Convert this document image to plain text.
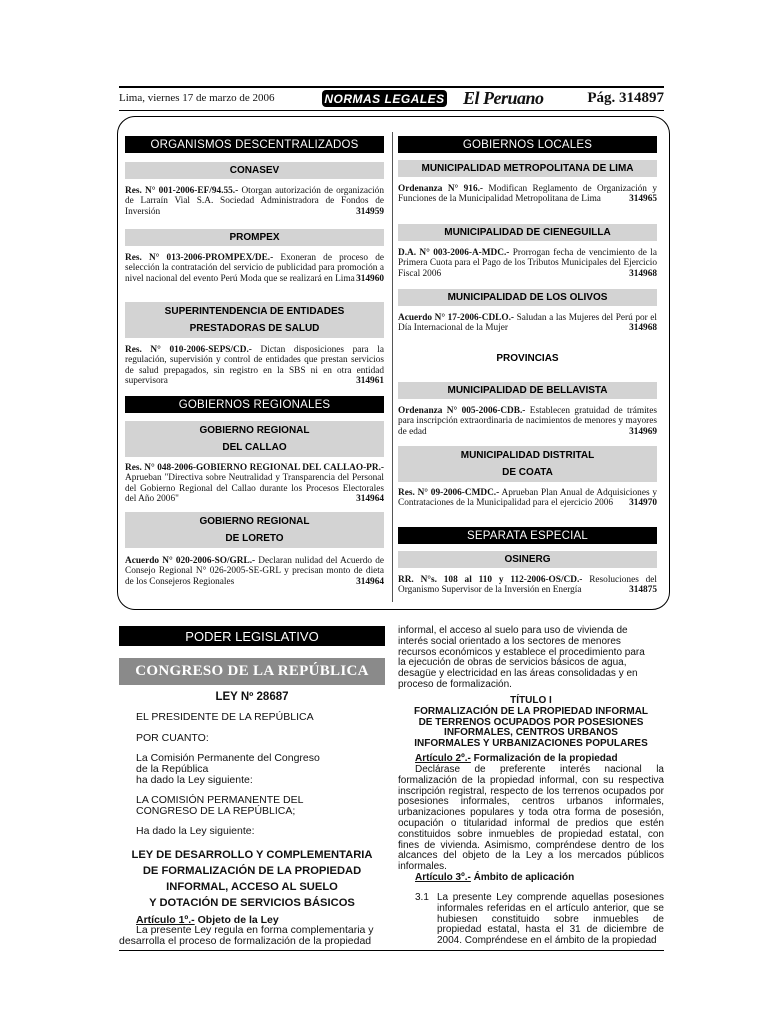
Lima, viernes 17 de marzo de 2006	NORMAS LEGALES El Peruano	Pág. 314897
ORGANISMOS DESCENTRALIZADOS
CONASEV
Res. N° 001-2006-EF/94.55.- Otorgan autorización de organización de Larraín Vial S.A. Sociedad Administradora de Fondos de Inversión	314959
PROMPEX
Res. N° 013-2006-PROMPEX/DE.- Exoneran de proceso de selección la contratación del servicio de publicidad para promoción a nivel nacional del evento Perú Moda que se realizará en Lima 314960
SUPERINTENDENCIA DE ENTIDADES
PRESTADORAS DE SALUD
Res. N° 010-2006-SEPS/CD.- Dictan disposiciones para la regulación, supervisión y control de entidades que prestan servicios de salud prepagados, sin registro en la SBS ni en otra entidad supervisora	314961
GOBIERNOS REGIONALES
GOBIERNO REGIONAL
DEL CALLAO
Res. N° 048-2006-GOBIERNO REGIONAL DEL CALLAO-PR.- Aprueban "Directiva sobre Neutralidad y Transparencia del Personal del Gobierno Regional del Callao durante los Procesos Electorales del Año 2006"	314964
GOBIERNO REGIONAL
DE LORETO
Acuerdo N° 020-2006-SO/GRL.- Declaran nulidad del Acuerdo de Consejo Regional N° 026-2005-SE-GRL y precisan monto de dieta de los Consejeros Regionales	314964
GOBIERNOS LOCALES
MUNICIPALIDAD METROPOLITANA DE LIMA
Ordenanza N° 916.- Modifican Reglamento de Organización y Funciones de la Municipalidad Metropolitana de Lima	314965
MUNICIPALIDAD DE CIENEGUILLA
D.A. N° 003-2006-A-MDC.- Prorrogan fecha de vencimiento de la Primera Cuota para el Pago de los Tributos Municipales del Ejercicio Fiscal 2006	314968
MUNICIPALIDAD DE LOS OLIVOS
Acuerdo N° 17-2006-CDLO.- Saludan a las Mujeres del Perú por el Día Internacional de la Mujer	314968
PROVINCIAS
MUNICIPALIDAD DE BELLAVISTA
Ordenanza N° 005-2006-CDB.- Establecen gratuidad de trámites para inscripción extraordinaria de nacimientos de menores y mayores de edad	314969
MUNICIPALIDAD DISTRITAL
DE COATA
Res. N° 09-2006-CMDC.- Aprueban Plan Anual de Adquisiciones y Contrataciones de la Municipalidad para el ejercicio 2006 314970
SEPARATA ESPECIAL
OSINERG
RR. N°s. 108 al 110 y 112-2006-OS/CD.- Resoluciones del Organismo Supervisor de la Inversión en Energía	314875
PODER LEGISLATIVO
CONGRESO DE LA REPÚBLICA
LEY Nº 28687
EL PRESIDENTE DE LA REPÚBLICA
POR CUANTO:
La Comisión Permanente del Congreso
de la República
ha dado la Ley siguiente:
LA COMISIÓN PERMANENTE DEL
CONGRESO DE LA REPÚBLICA;
Ha dado la Ley siguiente:
LEY DE DESARROLLO Y COMPLEMENTARIA
DE FORMALIZACIÓN DE LA PROPIEDAD
INFORMAL, ACCESO AL SUELO
Y DOTACIÓN DE SERVICIOS BÁSICOS
Artículo 1º.- Objeto de la Ley
La presente Ley regula en forma complementaria y
desarrolla el proceso de formalización de la propiedad
informal, el acceso al suelo para uso de vivienda de
interés social orientado a los sectores de menores
recursos económicos y establece el procedimiento para
la ejecución de obras de servicios básicos de agua,
desagüe y electricidad en las áreas consolidadas y en
proceso de formalización.
TÍTULO I
FORMALIZACIÓN DE LA PROPIEDAD INFORMAL
DE TERRENOS OCUPADOS POR POSESIONES
INFORMALES, CENTROS URBANOS
INFORMALES Y URBANIZACIONES POPULARES
Artículo 2º.- Formalización de la propiedad
Declárase de preferente interés nacional la formalización de la propiedad informal, con su respectiva inscripción registral, respecto de los terrenos ocupados por posesiones informales, centros urbanos informales, urbanizaciones populares y toda otra forma de posesión, ocupación o titularidad informal de predios que estén constituidos sobre inmuebles de propiedad estatal, con fines de vivienda. Asimismo, compréndese dentro de los alcances del objeto de la Ley a los mercados públicos informales.
Artículo 3º.- Ámbito de aplicación
3.1 La presente Ley comprende aquellas posesiones informales referidas en el artículo anterior, que se hubiesen constituido sobre inmuebles de propiedad estatal, hasta el 31 de diciembre de 2004. Compréndese en el ámbito de la propiedad
